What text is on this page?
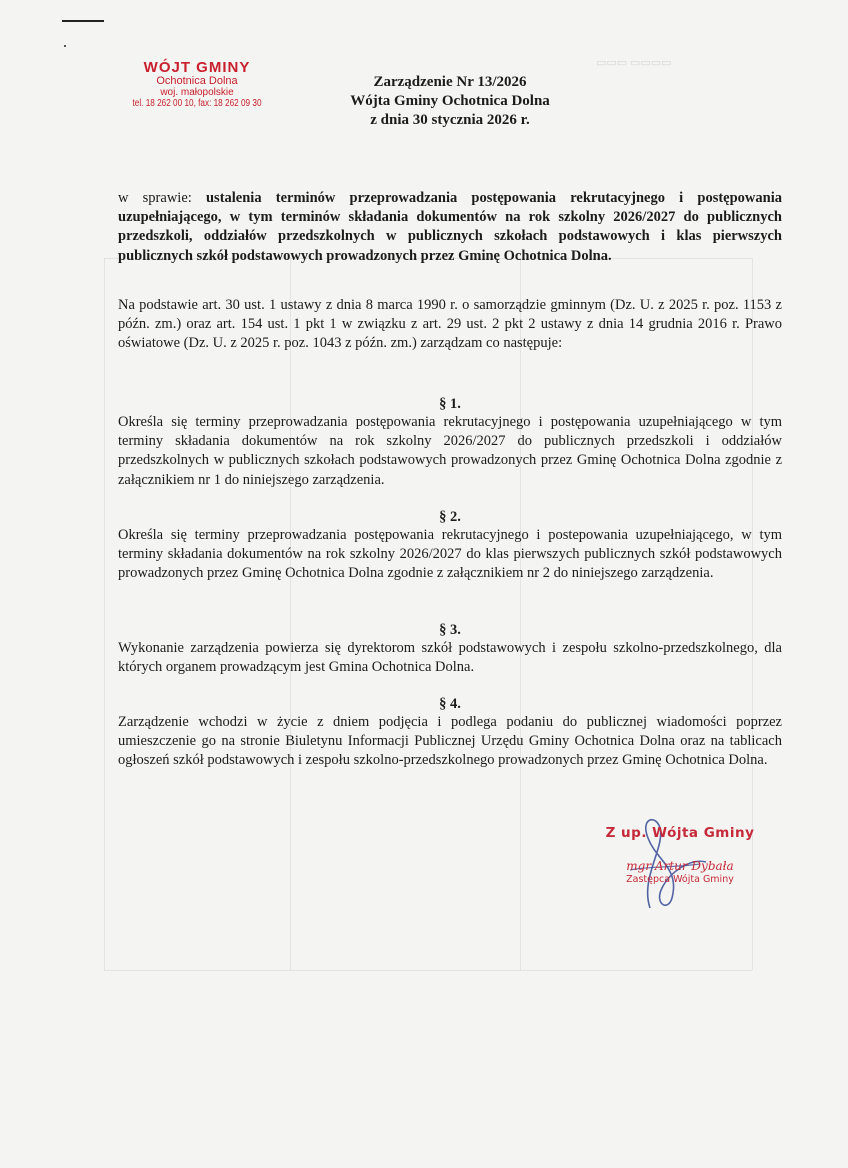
▭▭▭ ▭▭▭▭
WÓJT GMINY
Ochotnica Dolna
woj. małopolskie
tel. 18 262 00 10, fax: 18 262 09 30
Zarządzenie Nr 13/2026
Wójta Gminy Ochotnica Dolna
z dnia 30 stycznia 2026 r.
w sprawie: ustalenia terminów przeprowadzania postępowania rekrutacyjnego i postępowania uzupełniającego, w tym terminów składania dokumentów na rok szkolny 2026/2027 do publicznych przedszkoli, oddziałów przedszkolnych w publicznych szkołach podstawowych i klas pierwszych publicznych szkół podstawowych prowadzonych przez Gminę Ochotnica Dolna.
Na podstawie art. 30 ust. 1 ustawy z dnia 8 marca 1990 r. o samorządzie gminnym (Dz. U. z 2025 r. poz. 1153 z późn. zm.) oraz art. 154 ust. 1 pkt 1 w związku z art. 29 ust. 2 pkt 2 ustawy z dnia 14 grudnia 2016 r. Prawo oświatowe (Dz. U. z 2025 r. poz. 1043 z późn. zm.) zarządzam co następuje:
§ 1.
Określa się terminy przeprowadzania postępowania rekrutacyjnego i postępowania uzupełniającego w tym terminy składania dokumentów na rok szkolny 2026/2027 do publicznych przedszkoli i oddziałów przedszkolnych w publicznych szkołach podstawowych prowadzonych przez Gminę Ochotnica Dolna zgodnie z załącznikiem nr 1 do niniejszego zarządzenia.
§ 2.
Określa się terminy przeprowadzania postępowania rekrutacyjnego i postepowania uzupełniającego, w tym terminy składania dokumentów na rok szkolny 2026/2027 do klas pierwszych publicznych szkół podstawowych prowadzonych przez Gminę Ochotnica Dolna zgodnie z załącznikiem nr 2 do niniejszego zarządzenia.
§ 3.
Wykonanie zarządzenia powierza się dyrektorom szkół podstawowych i zespołu szkolno-przedszkolnego, dla których organem prowadzącym jest Gmina Ochotnica Dolna.
§ 4.
Zarządzenie wchodzi w życie z dniem podjęcia i podlega podaniu do publicznej wiadomości poprzez umieszczenie go na stronie Biuletynu Informacji Publicznej Urzędu Gminy Ochotnica Dolna oraz na tablicach ogłoszeń szkół podstawowych i zespołu szkolno-przedszkolnego prowadzonych przez Gminę Ochotnica Dolna.
Z up. Wójta Gminy
mgr Artur Dybała
Zastępca Wójta Gminy
